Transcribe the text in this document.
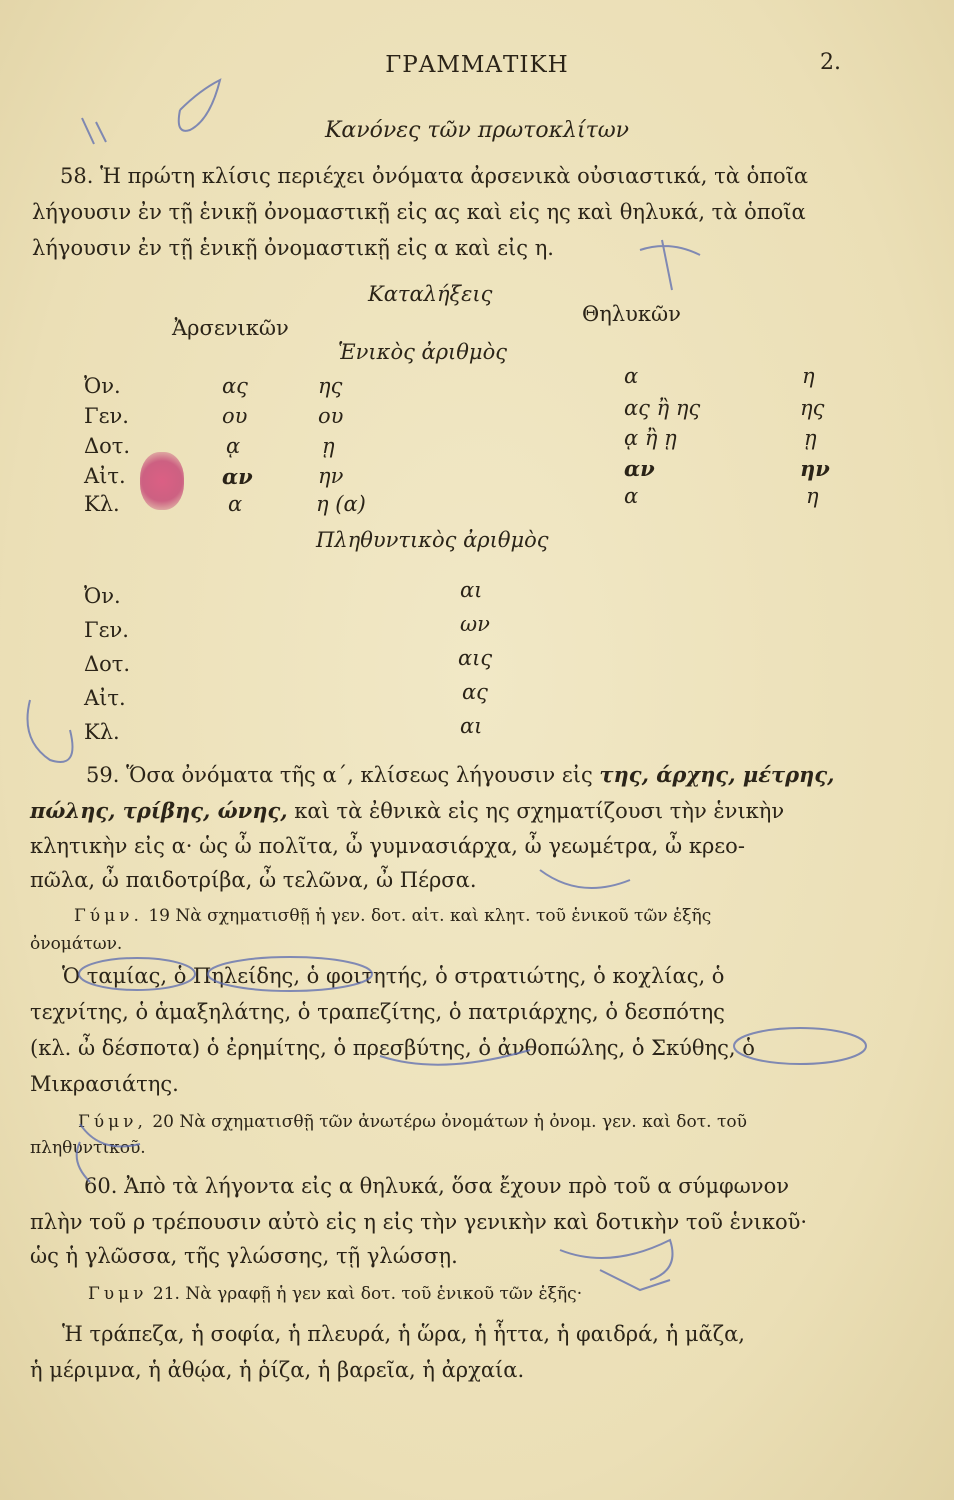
ΓΡΑΜΜΑΤΙΚΗ	2.
Κανόνες τῶν πρωτοκλίτων
58. Ἡ πρώτη κλίσις περιέχει ὀνόματα ἀρσενικὰ οὐσιαστικά, τὰ ὁποῖα
λήγουσιν ἐν τῇ ἑνικῇ ὀνομαστικῇ εἰς ας καὶ εἰς ης καὶ θηλυκά, τὰ ὁποῖα
λήγουσιν ἐν τῇ ἑνικῇ ὀνομαστικῇ εἰς α καὶ εἰς η.
Καταλήξεις
Ἀρσενικῶν
Θηλυκῶν
Ἑνικὸς ἀριθμὸς
Ὀν.	ας	ης	α	η
Γεν.	ου	ου	ας ἢ ης	ης
Δοτ.	ᾳ	ῃ	ᾳ ἢ ῃ	ῃ
Αἰτ.	αν	ην	αν	ην
Κλ.	α	η (α)	α	η
Πληθυντικὸς ἀριθμὸς
Ὀν.	αι
Γεν.	ων
Δοτ.	αις
Αἰτ.	ας
Κλ.	αι
59. Ὅσα ὀνόματα τῆς α΄, κλίσεως λήγουσιν εἰς της, άρχης, μέτρης,
πώλης, τρίβης, ώνης, καὶ τὰ ἐθνικὰ εἰς ης σχηματίζουσι τὴν ἑνικὴν
κλητικὴν εἰς α· ὡς ὦ πολῖτα, ὦ γυμνασιάρχα, ὦ γεωμέτρα, ὦ κρεο-
πῶλα, ὦ παιδοτρίβα, ὦ τελῶνα, ὦ Πέρσα.
Γύμν. 19 Νὰ σχηματισθῇ ἡ γεν. δοτ. αἰτ. καὶ κλητ. τοῦ ἑνικοῦ τῶν ἑξῆς
ὀνομάτων.
Ὁ ταμίας, ὁ Πηλείδης, ὁ φοιτητής, ὁ στρατιώτης, ὁ κοχλίας, ὁ
τεχνίτης, ὁ ἁμαξηλάτης, ὁ τραπεζίτης, ὁ πατριάρχης, ὁ δεσπότης
(κλ. ὦ δέσποτα) ὁ ἐρημίτης, ὁ πρεσβύτης, ὁ ἀνθοπώλης, ὁ Σκύθης, ὁ
Μικρασιάτης.
Γύμν, 20 Νὰ σχηματισθῇ τῶν ἀνωτέρω ὀνομάτων ἡ ὀνομ. γεν. καὶ δοτ. τοῦ
πληθυντικοῦ.
60. Ἀπὸ τὰ λήγοντα εἰς α θηλυκά, ὅσα ἔχουν πρὸ τοῦ α σύμφωνον
πλὴν τοῦ ρ τρέπουσιν αὐτὸ εἰς η εἰς τὴν γενικὴν καὶ δοτικὴν τοῦ ἑνικοῦ·
ὡς ἡ γλῶσσα, τῆς γλώσσης, τῇ γλώσσῃ.
Γυμν 21. Νὰ γραφῇ ἡ γεν καὶ δοτ. τοῦ ἑνικοῦ τῶν ἑξῆς·
Ἡ τράπεζα, ἡ σοφία, ἡ πλευρά, ἡ ὥρα, ἡ ἧττα, ἡ φαιδρά, ἡ μᾶζα,
ἡ μέριμνα, ἡ ἀθῴα, ἡ ῥίζα, ἡ βαρεῖα, ἡ ἀρχαία.
